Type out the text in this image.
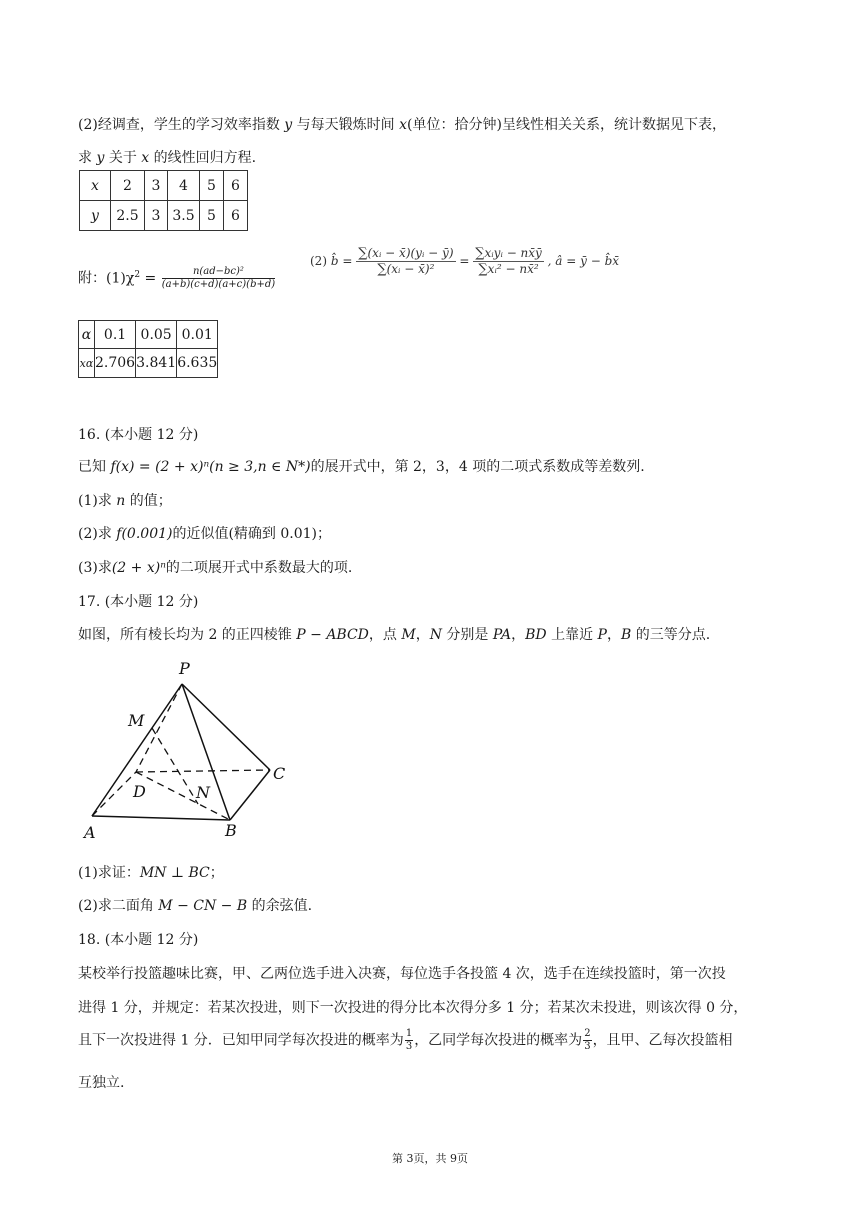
(2)经调查，学生的学习效率指数 y 与每天锻炼时间 x(单位：拾分钟)呈线性相关关系，统计数据见下表，
求 y 关于 x 的线性回归方程.
x	2	3	4	5	6
y	2.5	3	3.5	5	6
附：$(1)\chi^2 = \frac{\text{n(ad−bc)²}}{(a+b)(c+d)(a+c)(b+d)}$
(2) b̂ = $\frac{\text{∑(xᵢ − x̄)(yᵢ − ȳ)}}{\text{∑(xᵢ − x̄)²}}$ = ∑xᵢyᵢ − nx̄ȳ
∑xᵢ² − nx̄²
, â = ȳ − b̂x̄
α	0.1	0.05	0.01
xα	2.706	3.841	6.635
16. (本小题 12 分)
已知 f(x) = (2 + x)ⁿ(n ≥ 3,n ∈ N*)的展开式中，第 2，3，4 项的二项式系数成等差数列.
(1)求 n 的值；
(2)求 f(0.001)的近似值(精确到 0.01)；
(3)求(2 + x)ⁿ的二项展开式中系数最大的项.
17. (本小题 12 分)
如图，所有棱长均为 2 的正四棱锥 P − ABCD，点 M，N 分别是 PA，BD 上靠近 P，B 的三等分点.
P
M
D	N
C
A	B
(1)求证：MN ⊥ BC；
(2)求二面角 M − CN − B 的余弦值.
18. (本小题 12 分)
某校举行投篮趣味比赛，甲、乙两位选手进入决赛，每位选手各投篮 4 次，选手在连续投篮时，第一次投
进得 1 分，并规定：若某次投进，则下一次投进的得分比本次得分多 1 分；若某次未投进，则该次得 0 分，
且下一次投进得 1 分．已知甲同学每次投进的概率为 $\frac{1}{3}$ ，乙同学每次投进的概率为 $\frac{2}{3}$ ，且甲、乙每次投篮相
互独立.
第 3页，共 9页
